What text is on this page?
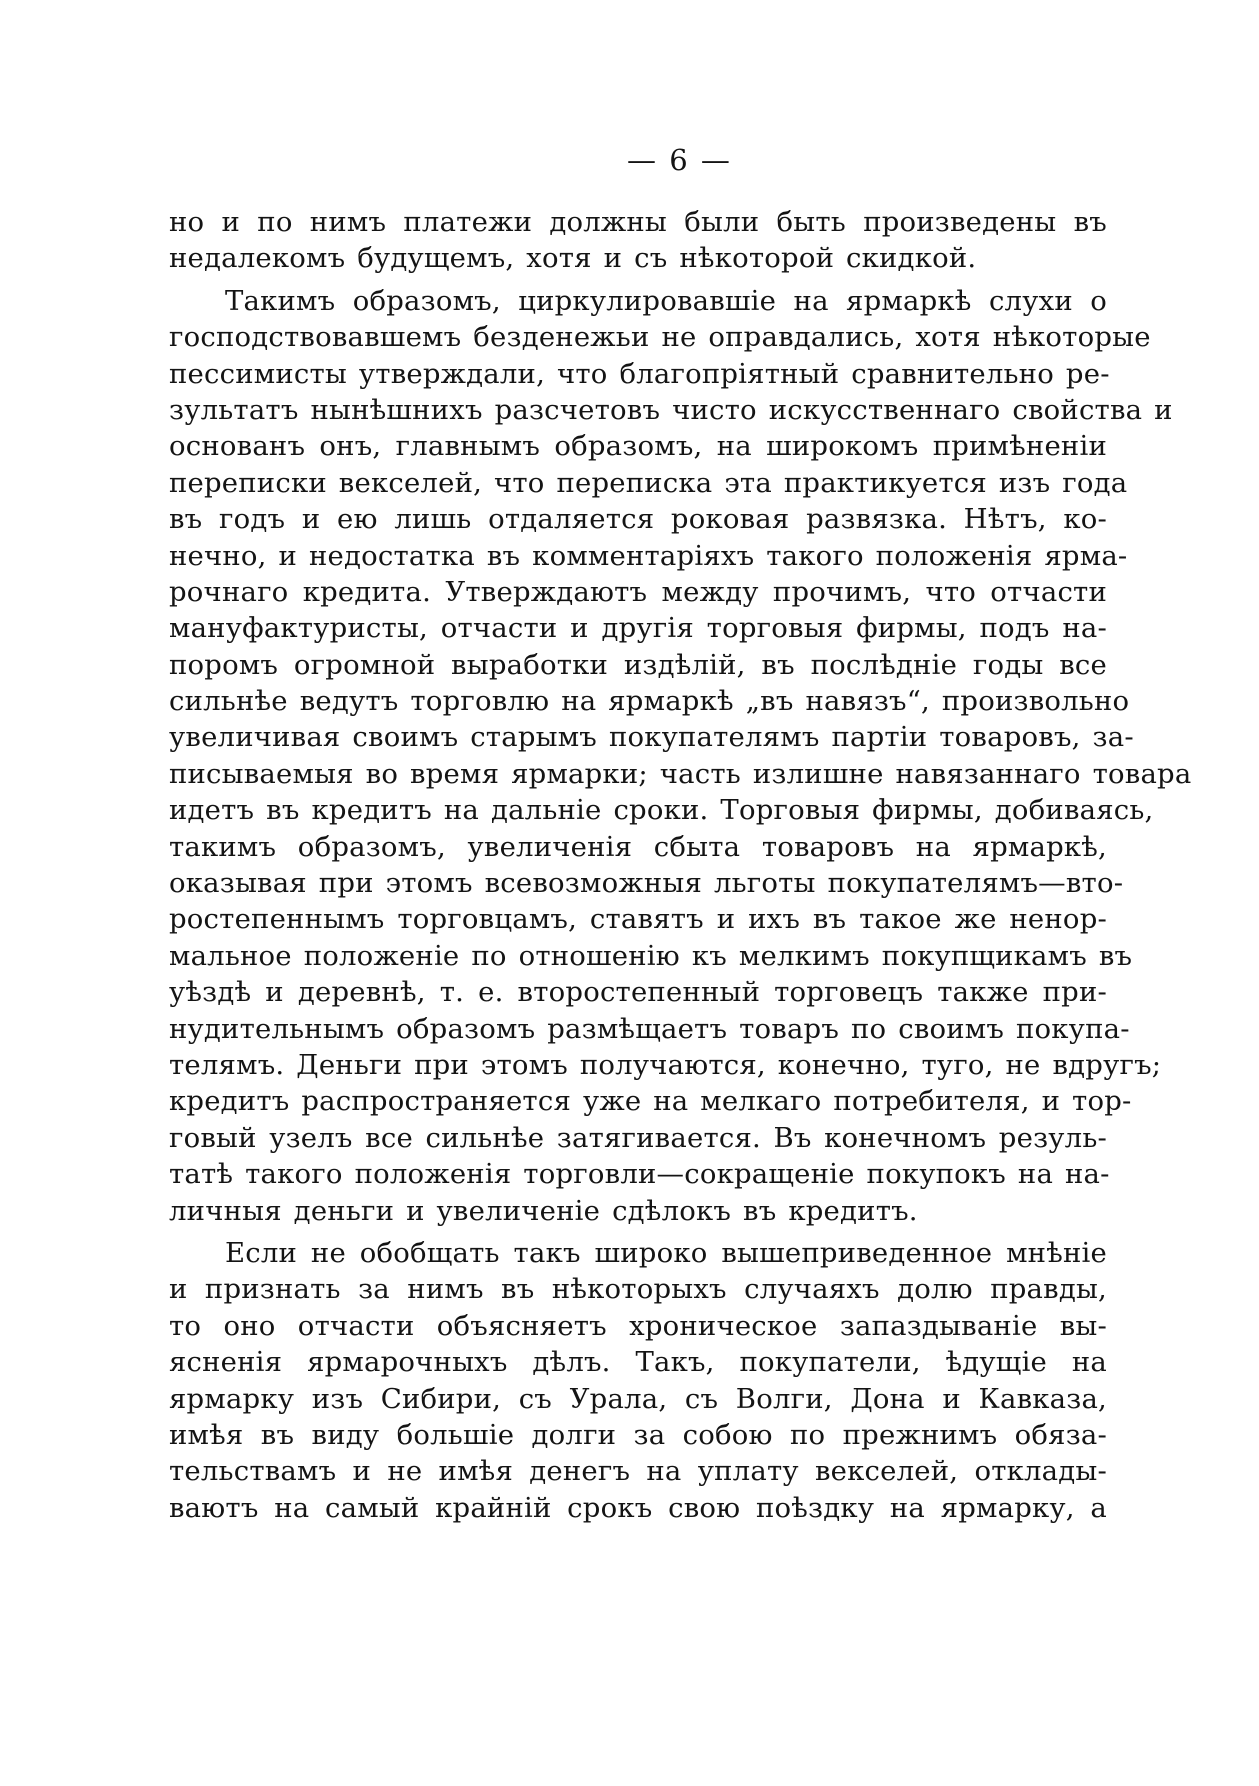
— 6 —
но и по нимъ платежи должны были быть произведены въ
недалекомъ будущемъ, хотя и съ нѣкоторой скидкой.
Такимъ образомъ, циркулировавшіе на ярмаркѣ слухи о
господствовавшемъ безденежьи не оправдались, хотя нѣкоторые
пессимисты утверждали, что благопріятный сравнительно ре-
зультатъ нынѣшнихъ разсчетовъ чисто искусственнаго свойства и
основанъ онъ, главнымъ образомъ, на широкомъ примѣненіи
переписки векселей, что переписка эта практикуется изъ года
въ годъ и ею лишь отдаляется роковая развязка. Нѣтъ, ко-
нечно, и недостатка въ комментаріяхъ такого положенія ярма-
рочнаго кредита. Утверждаютъ между прочимъ, что отчасти
мануфактуристы, отчасти и другія торговыя фирмы, подъ на-
поромъ огромной выработки издѣлій, въ послѣдніе годы все
сильнѣе ведутъ торговлю на ярмаркѣ „въ навязъ“, произвольно
увеличивая своимъ старымъ покупателямъ партіи товаровъ, за-
писываемыя во время ярмарки; часть излишне навязаннаго товара
идетъ въ кредитъ на дальніе сроки. Торговыя фирмы, добиваясь,
такимъ образомъ, увеличенія сбыта товаровъ на ярмаркѣ,
оказывая при этомъ всевозможныя льготы покупателямъ—вто-
ростепеннымъ торговцамъ, ставятъ и ихъ въ такое же ненор-
мальное положеніе по отношенію къ мелкимъ покупщикамъ въ
уѣздѣ и деревнѣ, т. е. второстепенный торговецъ также при-
нудительнымъ образомъ размѣщаетъ товаръ по своимъ покупа-
телямъ. Деньги при этомъ получаются, конечно, туго, не вдругъ;
кредитъ распространяется уже на мелкаго потребителя, и тор-
говый узелъ все сильнѣе затягивается. Въ конечномъ резуль-
татѣ такого положенія торговли—сокращеніе покупокъ на на-
личныя деньги и увеличеніе сдѣлокъ въ кредитъ.
Если не обобщать такъ широко вышеприведенное мнѣніе
и признать за нимъ въ нѣкоторыхъ случаяхъ долю правды,
то оно отчасти объясняетъ хроническое запаздываніе вы-
ясненія ярмарочныхъ дѣлъ. Такъ, покупатели, ѣдущіе на
ярмарку изъ Сибири, съ Урала, съ Волги, Дона и Кавказа,
имѣя въ виду большіе долги за собою по прежнимъ обяза-
тельствамъ и не имѣя денегъ на уплату векселей, отклады-
ваютъ на самый крайній срокъ свою поѣздку на ярмарку, а
